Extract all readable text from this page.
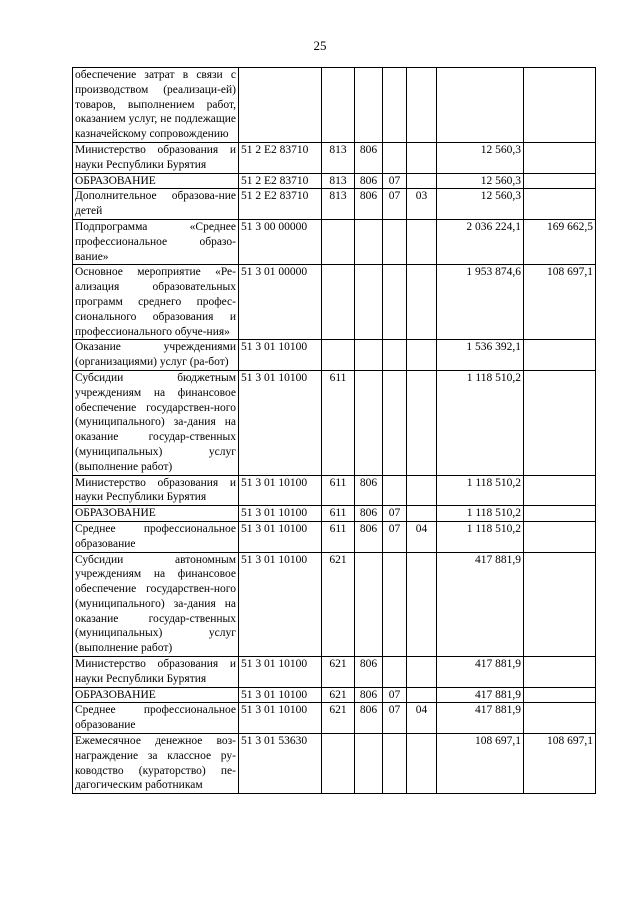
25
обеспечение затрат в связи с производством (реализаци-ей) товаров, выполнением работ, оказанием услуг, не подлежащие казначейскому сопровождению							
Министерство образования и науки Республики Бурятия	51 2 E2 83710	813	806			12 560,3	
ОБРАЗОВАНИЕ	51 2 E2 83710	813	806	07		12 560,3	
Дополнительное образова-ние детей	51 2 E2 83710	813	806	07	03	12 560,3	
Подпрограмма «Среднее профессиональное образо-вание»	51 3 00 00000					2 036 224,1	169 662,5
Основное мероприятие «Ре-ализация образовательных программ среднего профес-сионального образования и профессионального обуче-ния»	51 3 01 00000					1 953 874,6	108 697,1
Оказание учреждениями (организациями) услуг (ра-бот)	51 3 01 10100					1 536 392,1	
Субсидии бюджетным учреждениям на финансовое обеспечение государствен-ного (муниципального) за-дания на оказание государ-ственных (муниципальных) услуг (выполнение работ)	51 3 01 10100	611				1 118 510,2	
Министерство образования и науки Республики Бурятия	51 3 01 10100	611	806			1 118 510,2	
ОБРАЗОВАНИЕ	51 3 01 10100	611	806	07		1 118 510,2	
Среднее профессиональное образование	51 3 01 10100	611	806	07	04	1 118 510,2	
Субсидии автономным учреждениям на финансовое обеспечение государствен-ного (муниципального) за-дания на оказание государ-ственных (муниципальных) услуг (выполнение работ)	51 3 01 10100	621				417 881,9	
Министерство образования и науки Республики Бурятия	51 3 01 10100	621	806			417 881,9	
ОБРАЗОВАНИЕ	51 3 01 10100	621	806	07		417 881,9	
Среднее профессиональное образование	51 3 01 10100	621	806	07	04	417 881,9	
Ежемесячное денежное воз-награждение за классное ру-ководство (кураторство) пе-дагогическим работникам	51 3 01 53630					108 697,1	108 697,1
